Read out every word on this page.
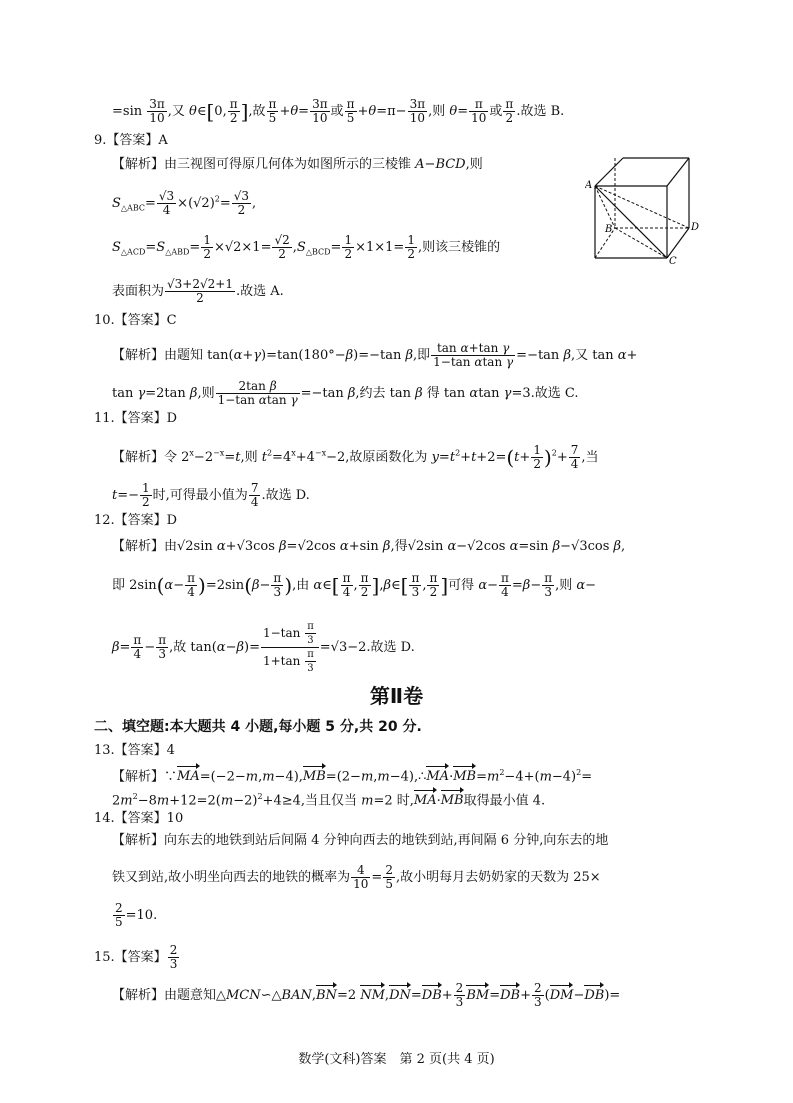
$=\sin \frac{3\pi}{10}$ ,又 θ∈[0, $\frac{\pi}{2}$ ],故 $\frac{\pi}{5} +\theta= \frac{3\pi}{10}$ 或 $\frac{\pi}{5} +\theta=\pi- \frac{3\pi}{10}$ ,则 $\theta= \frac{\pi}{10}$ 或 $\frac{\pi}{2}$ .故选 B.
9.【答案】A
【解析】由三视图可得原几何体为如图所示的三棱锥 A−BCD,则
$S_{\triangle ABC}= \frac{√3}{4} \times(√2)^2= \frac{√3}{2}$ ,
$S_{\triangle ACD}=S_{\triangle ABD}= \frac{1}{2} \times√2\times 1= \frac{√2}{2} ,S_{\triangle BCD}= \frac{1}{2} \times 1\times 1= \frac{1}{2}$ ,则该三棱锥的
表面积为 $\frac{√3+2√2+1}{2}$ .故选 A.
A
B	D
C
10.【答案】C
【解析】由题知 tan(α+γ)=tan(180°−β)=−tan β,即 $\frac{\text{tan α+tan γ}}{\text{1−tan αtan γ}} =-\tan$ β,又 tan α+
tan γ=2tan β,则 $\frac{\text{2tan β}}{\text{1−tan αtan γ}} =-\tan$ β,约去 tan β 得 tan αtan γ=3.故选 C.
11.【答案】D
【解析】令 $2^x-2^{-x}=t$,则 $t^2=4^x+4^{-x}-2$,故原函数化为 $y=t^2+t+2=(t+ \frac{1}{2} )^2+ \frac{7}{4}$ ,当
$t=- \frac{1}{2}$ 时,可得最小值为 $\frac{7}{4}$ .故选 D.
12.【答案】D
【解析】由√2sin α+√3cos β=√2cos α+sin β,得√2sin α−√2cos α=sin β−√3cos β,
即 $2\sin(\alpha- \frac{\pi}{4} )=2\sin(\beta- \frac{\pi}{3}$ ),由 α∈[ $\frac{\pi}{4}$ , $\frac{\pi}{2}$ ],β∈[ $\frac{\pi}{3}$ , $\frac{\pi}{2}$ ]可得 $\alpha- \frac{\pi}{4} =\beta- \frac{\pi}{3}$ ,则 α−
$\beta= \frac{\pi}{4} - \frac{\pi}{3}$ ,故 $\tan(\alpha-\beta)= \frac{1-\tan \frac{\pi}{3}}{1+\tan \frac{\pi}{3}} =√3-2$.故选 D.
第Ⅱ卷
二、填空题:本大题共 4 小题,每小题 5 分,共 20 分.
13.【答案】4
【解析】$\because MA=(-2-m,m-4),MB=(2-m,m-4),\therefore MA\cdot MB=m^2-4+(m-4)^2=$
$2m^2-8m+12=2(m-2)^2+4\ge 4$,当且仅当 m=2 时,MA·MB取得最小值 4.
14.【答案】10
【解析】向东去的地铁到站后间隔 4 分钟向西去的地铁到站,再间隔 6 分钟,向东去的地
铁又到站,故小明坐向西去的地铁的概率为 $\frac{4}{10} = \frac{2}{5}$ ,故小明每月去奶奶家的天数为 25×
$\frac{2}{5} =10$.
15.【答案】 $\frac{2}{3}$
【解析】由题意知△MCN∽△BAN,BN=2 $NM,DN=DB+ \frac{2}{3} BM=DB+ \frac{2}{3} (DM-DB)=$
数学(文科)答案　第 2 页(共 4 页)
